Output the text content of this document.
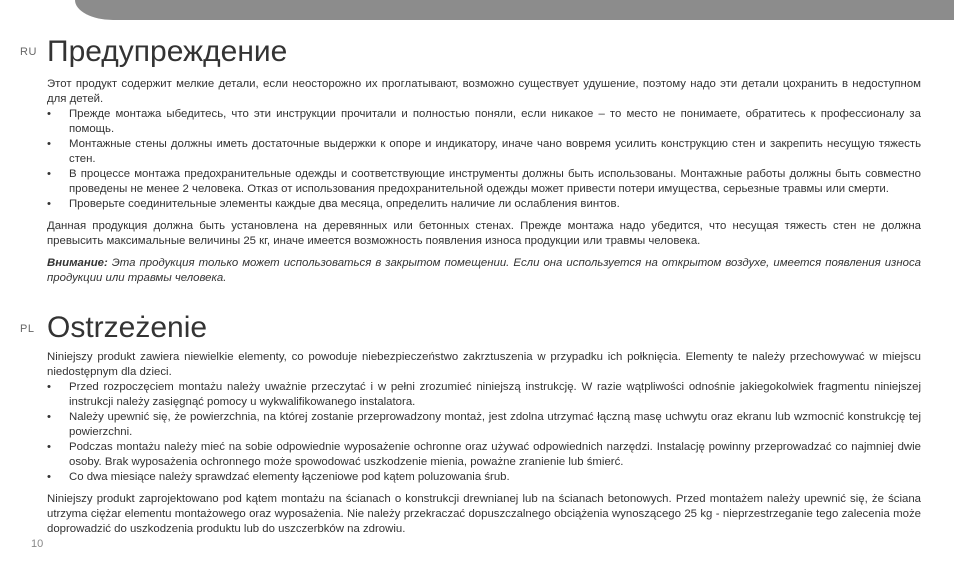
RU Предупреждение

Этот продукт содержит мелкие детали, если неосторожно их проглатывают, возможно существует удушение, поэтому надо эти детали цохранить в недоступном для детей.

• Прежде монтажа ыбедитесь, что эти инструкции прочитали и полностью поняли, если никакое – то место не понимаете, обратитесь к профессионалу за помощь.
• Монтажные стены должны иметь достаточные выдержки к опоре и индикатору, иначе чано вовремя усилить конструкцию стен и закрепить несущую тяжесть стен.
• В процессе монтажа предохранительные одежды и соответствующие инструменты должны быть использованы. Монтажные работы должны быть совместно проведены не менее 2 человека. Отказ от использования предохранительной одежды может привести потери имущества, серьезные травмы или смерти.
• Проверьте соединительные элементы каждые два месяца, определить наличие ли ослабления винтов.

Данная продукция должна быть установлена на деревянных или бетонных стенах. Прежде монтажа надо убедится, что несущая тяжесть стен не должна превысить максимальные величины 25 кг, иначе имеется возможность появления износа продукции или травмы человека.

Внимание: Эта продукция только может использоваться в закрытом помещении. Если она используется на открытом воздухе, имеется появления износа продукции или травмы человека.

PL Ostrzeżenie

Niniejszy produkt zawiera niewielkie elementy, co powoduje niebezpieczeństwo zakrztuszenia w przypadku ich połknięcia. Elementy te należy przechowywać w miejscu niedostępnym dla dzieci.

• Przed rozpoczęciem montażu należy uważnie przeczytać i w pełni zrozumieć niniejszą instrukcję. W razie wątpliwości odnośnie jakiegokolwiek fragmentu niniejszej instrukcji należy zasięgnąć pomocy u wykwalifikowanego instalatora.
• Należy upewnić się, że powierzchnia, na której zostanie przeprowadzony montaż, jest zdolna utrzymać łączną masę uchwytu oraz ekranu lub wzmocnić konstrukcję tej powierzchni.
• Podczas montażu należy mieć na sobie odpowiednie wyposażenie ochronne oraz używać odpowiednich narzędzi. Instalację powinny przeprowadzać co najmniej dwie osoby. Brak wyposażenia ochronnego może spowodować uszkodzenie mienia, poważne zranienie lub śmierć.
• Co dwa miesiące należy sprawdzać elementy łączeniowe pod kątem poluzowania śrub.

Niniejszy produkt zaprojektowano pod kątem montażu na ścianach o konstrukcji drewnianej lub na ścianach betonowych. Przed montażem należy upewnić się, że ściana utrzyma ciężar elementu montażowego oraz wyposażenia. Nie należy przekraczać dopuszczalnego obciążenia wynoszącego 25 kg - nieprzestrzeganie tego zalecenia może doprowadzić do uszkodzenia produktu lub do uszczerbków na zdrowiu.

10
